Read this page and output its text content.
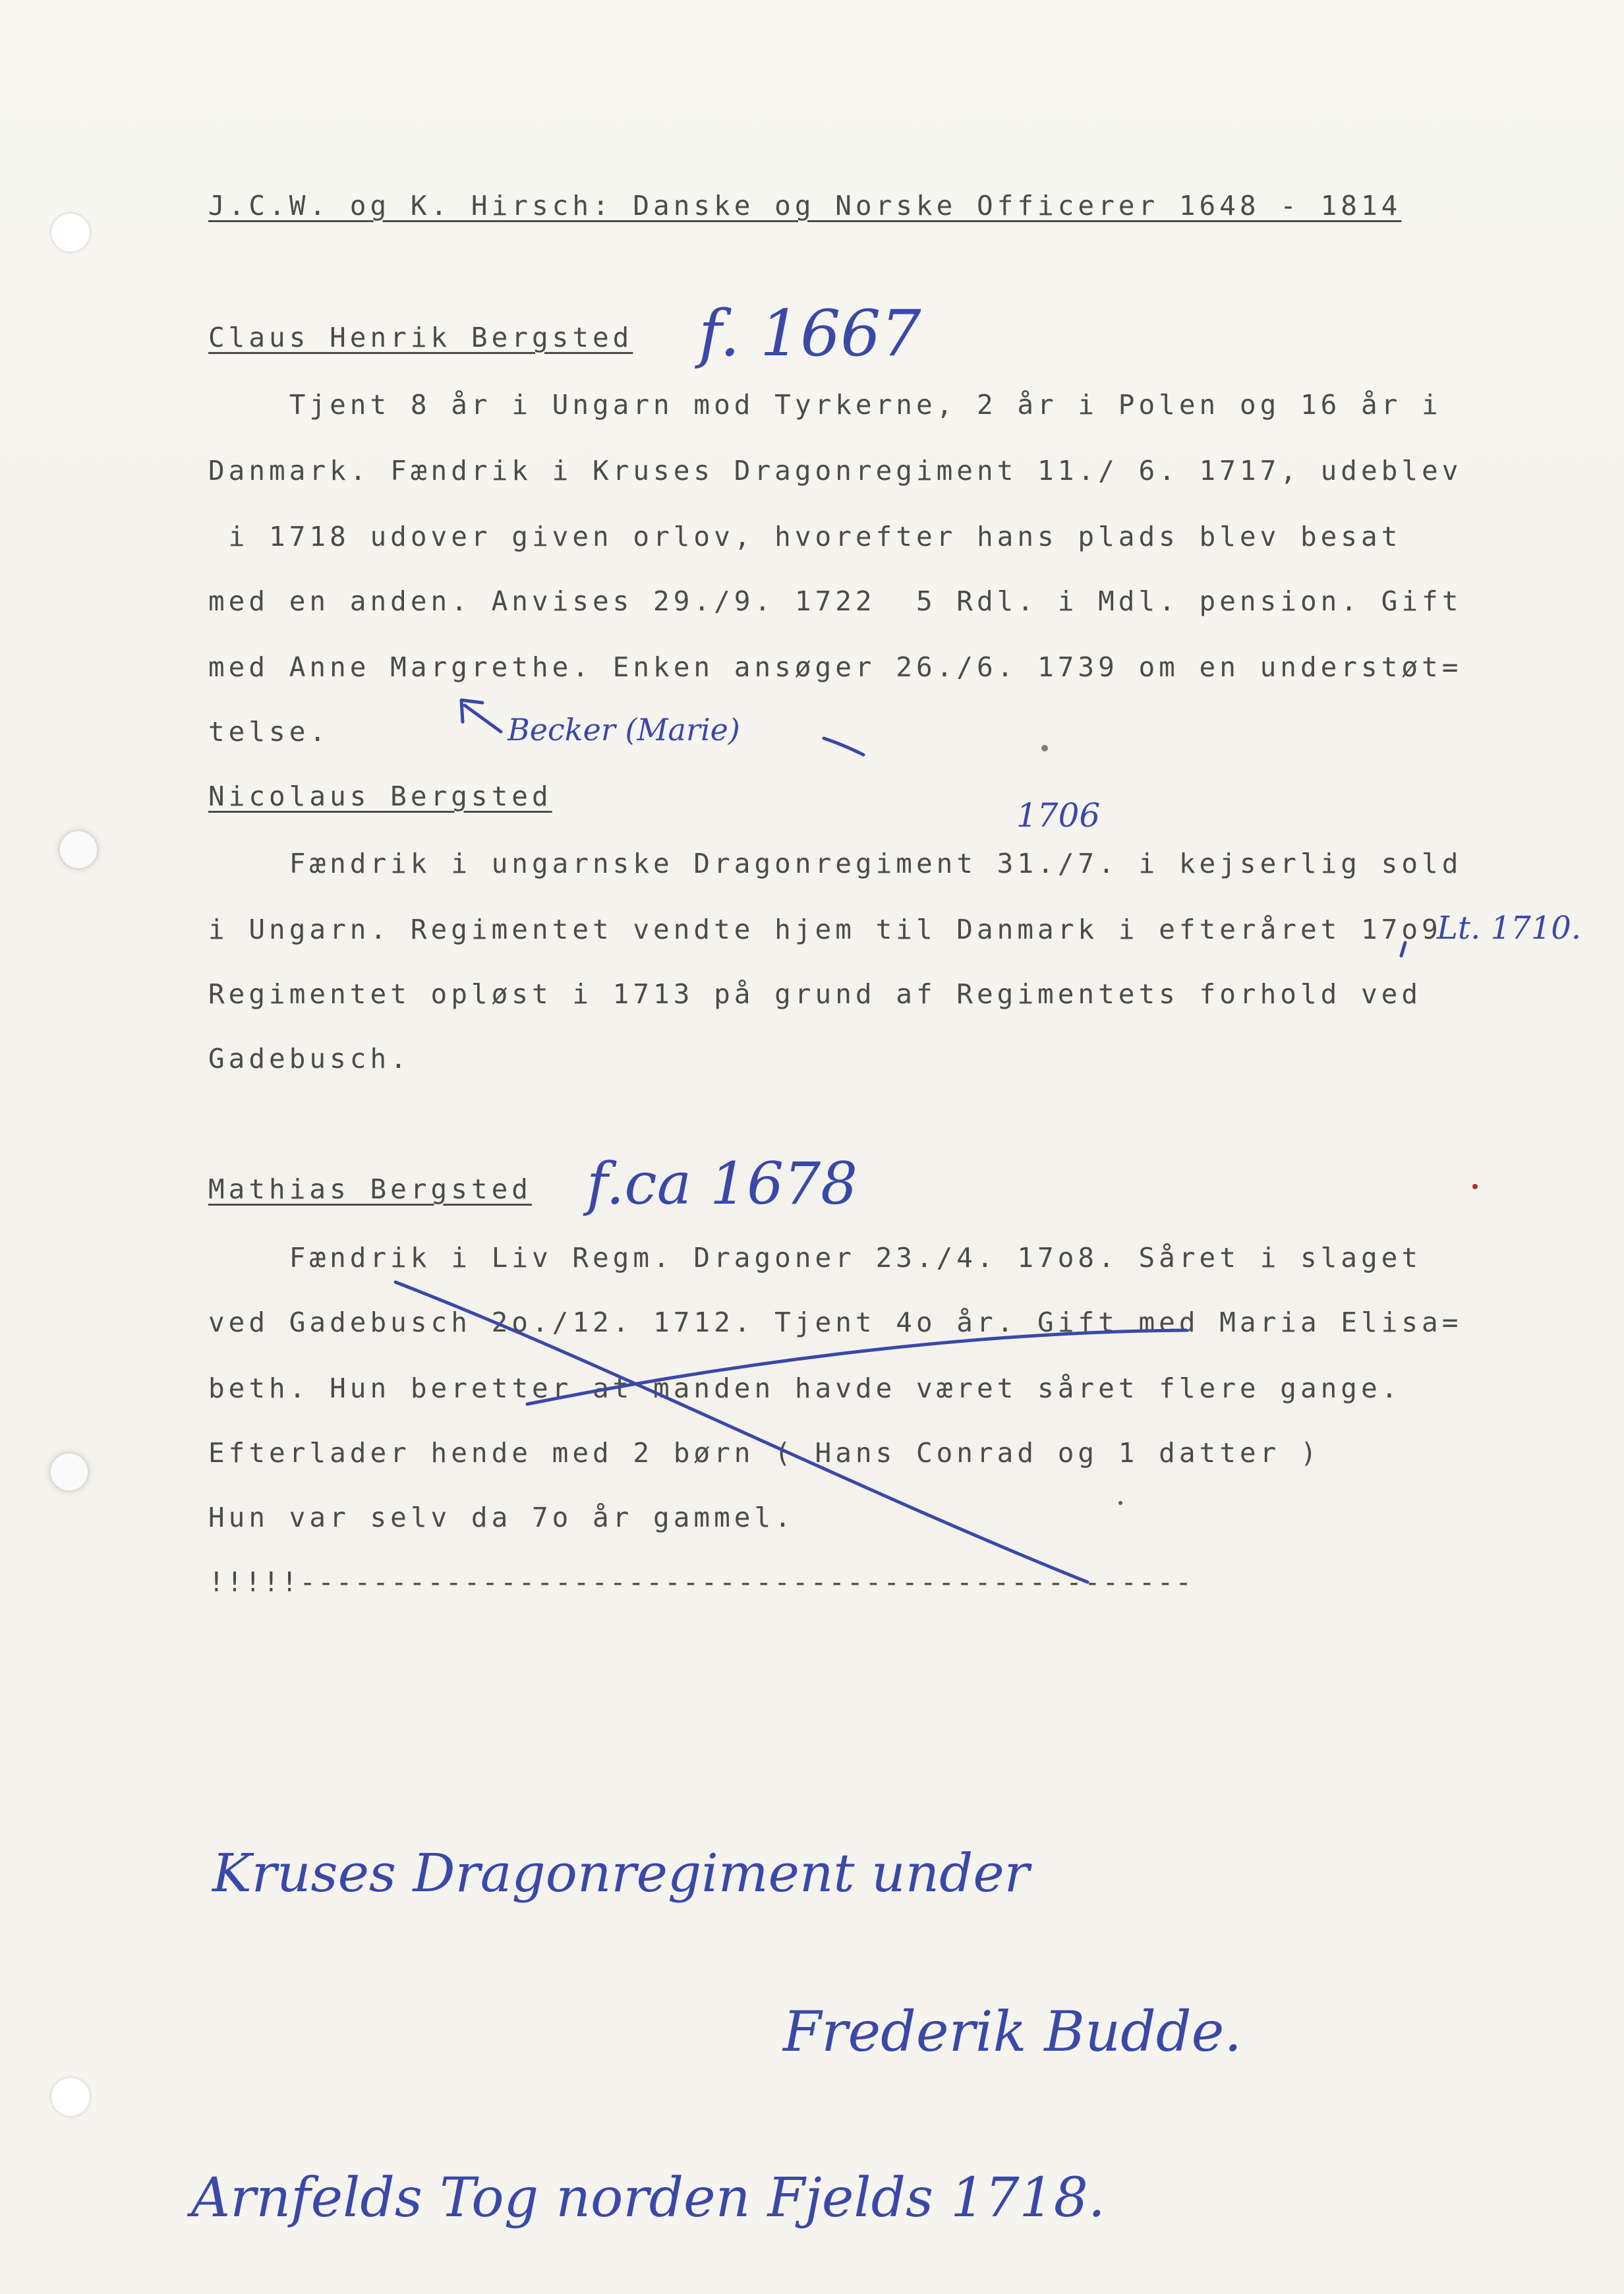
J.C.W. og K. Hirsch: Danske og Norske Officerer 1648 - 1814
Claus Henrik Bergsted f. 1667
Tjent 8 år i Ungarn mod Tyrkerne, 2 år i Polen og 16 år i
Danmark. Fændrik i Kruses Dragonregiment 11./ 6. 1717, udeblev
i 1718 udover given orlov, hvorefter hans plads blev besat
med en anden. Anvises 29./9. 1722  5 Rdl. i Mdl. pension. Gift
med Anne Margrethe. Enken ansøger 26./6. 1739 om en understøt=
telse.	Becker (Marie)
Nicolaus Bergsted	1706
Fændrik i ungarnske Dragonregiment 31./7. i kejserlig sold
i Ungarn. Regimentet vendte hjem til Danmark i efteråret 17o9
Lt. 1710.
Regimentet opløst i 1713 på grund af Regimentets forhold ved
Gadebusch.
Mathias Bergsted f.ca 1678
Fændrik i Liv Regm. Dragoner 23./4. 17o8. Såret i slaget
ved Gadebusch 2o./12. 1712. Tjent 4o år. Gift med Maria Elisa=
beth. Hun beretter at manden havde været såret flere gange.
Efterlader hende med 2 børn ( Hans Conrad og 1 datter )
Hun var selv da 7o år gammel.
!!!!!-------------------------------------------------
Kruses Dragonregiment under
Frederik Budde.
Arnfelds Tog norden Fjelds 1718.
